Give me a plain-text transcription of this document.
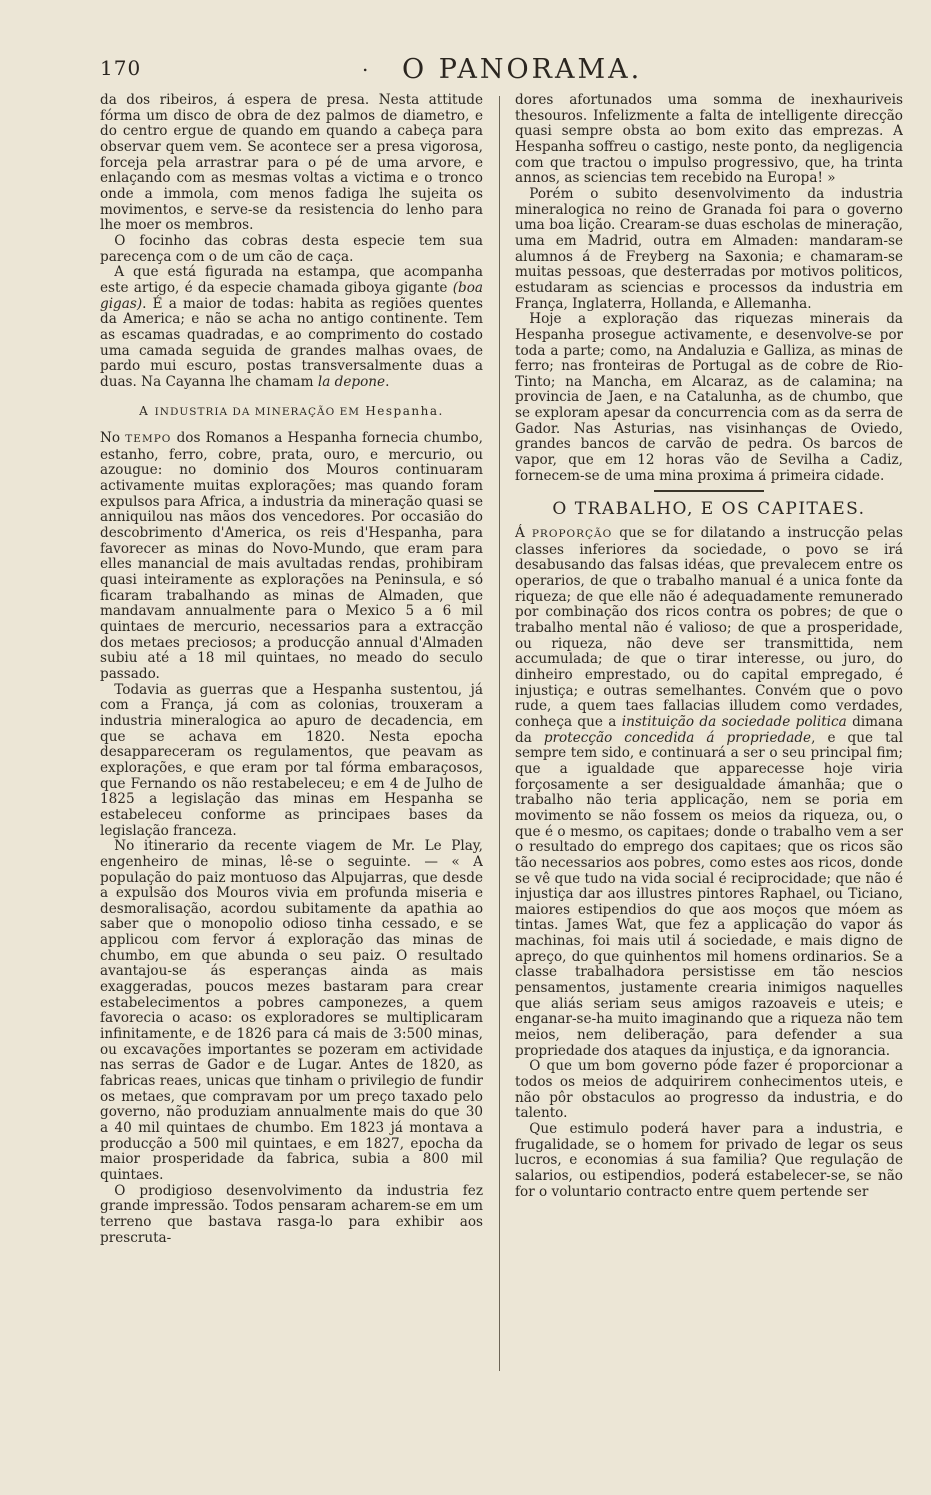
170	. O PANORAMA.

da dos ribeiros, á espera de presa. Nesta attitude fórma um disco de obra de dez palmos de diametro, e do centro ergue de quando em quando a cabeça para observar quem vem. Se acontece ser a presa vigorosa, forceja pela arrastrar para o pé de uma arvore, e enlaçando com as mesmas voltas a victima e o tronco onde a immola, com menos fadiga lhe sujeita os movimentos, e serve-se da resistencia do lenho para lhe moer os membros.

O focinho das cobras desta especie tem sua parecença com o de um cão de caça.

A que está figurada na estampa, que acompanha este artigo, é da especie chamada giboya gigante (boa gigas). É a maior de todas: habita as regiões quentes da America; e não se acha no antigo continente. Tem as escamas quadradas, e ao comprimento do costado uma camada seguida de grandes malhas ovaes, de pardo mui escuro, postas transversalmente duas a duas. Na Cayanna lhe chamam la depone.

A INDUSTRIA DA MINERAÇÃO EM Hespanha.

No TEMPO dos Romanos a Hespanha fornecia chumbo, estanho, ferro, cobre, prata, ouro, e mercurio, ou azougue: no dominio dos Mouros continuaram activamente muitas explorações; mas quando foram expulsos para Africa, a industria da mineração quasi se anniquilou nas mãos dos vencedores. Por occasião do descobrimento d'America, os reis d'Hespanha, para favorecer as minas do Novo-Mundo, que eram para elles manancial de mais avultadas rendas, prohibiram quasi inteiramente as explorações na Peninsula, e só ficaram trabalhando as minas de Almaden, que mandavam annualmente para o Mexico 5 a 6 mil quintaes de mercurio, necessarios para a extracção dos metaes preciosos; a producção annual d'Almaden subiu até a 18 mil quintaes, no meado do seculo passado.

Todavia as guerras que a Hespanha sustentou, já com a França, já com as colonias, trouxeram a industria mineralogica ao apuro de decadencia, em que se achava em 1820. Nesta epocha desappareceram os regulamentos, que peavam as explorações, e que eram por tal fórma embaraçosos, que Fernando os não restabeleceu; e em 4 de Julho de 1825 a legislação das minas em Hespanha se estabeleceu conforme as principaes bases da legislação franceza.

No itinerario da recente viagem de Mr. Le Play, engenheiro de minas, lê-se o seguinte. — « A população do paiz montuoso das Alpujarras, que desde a expulsão dos Mouros vivia em profunda miseria e desmoralisação, acordou subitamente da apathia ao saber que o monopolio odioso tinha cessado, e se applicou com fervor á exploração das minas de chumbo, em que abunda o seu paiz. O resultado avantajou-se ás esperanças ainda as mais exaggeradas, poucos mezes bastaram para crear estabelecimentos a pobres camponezes, a quem favorecia o acaso: os exploradores se multiplicaram infinitamente, e de 1826 para cá mais de 3:500 minas, ou excavações importantes se pozeram em actividade nas serras de Gador e de Lugar. Antes de 1820, as fabricas reaes, unicas que tinham o privilegio de fundir os metaes, que compravam por um preço taxado pelo governo, não produziam annualmente mais do que 30 a 40 mil quintaes de chumbo. Em 1823 já montava a producção a 500 mil quintaes, e em 1827, epocha da maior prosperidade da fabrica, subia a 800 mil quintaes.

O prodigioso desenvolvimento da industria fez grande impressão. Todos pensaram acharem-se em um terreno que bastava rasga-lo para exhibir aos prescruta-

dores afortunados uma somma de inexhauriveis thesouros. Infelizmente a falta de intelligente direcção quasi sempre obsta ao bom exito das emprezas. A Hespanha soffreu o castigo, neste ponto, da negligencia com que tractou o impulso progressivo, que, ha trinta annos, as sciencias tem recebido na Europa! »

Porém o subito desenvolvimento da industria mineralogica no reino de Granada foi para o governo uma boa lição. Crearam-se duas escholas de mineração, uma em Madrid, outra em Almaden: mandaram-se alumnos á de Freyberg na Saxonia; e chamaram-se muitas pessoas, que desterradas por motivos politicos, estudaram as sciencias e processos da industria em França, Inglaterra, Hollanda, e Allemanha.

Hoje a exploração das riquezas minerais da Hespanha prosegue activamente, e desenvolve-se por toda a parte; como, na Andaluzia e Galliza, as minas de ferro; nas fronteiras de Portugal as de cobre de Rio-Tinto; na Mancha, em Alcaraz, as de calamina; na provincia de Jaen, e na Catalunha, as de chumbo, que se exploram apesar da concurrencia com as da serra de Gador. Nas Asturias, nas visinhanças de Oviedo, grandes bancos de carvão de pedra. Os barcos de vapor, que em 12 horas vão de Sevilha a Cadiz, fornecem-se de uma mina proxima á primeira cidade.

O TRABALHO, E OS CAPITAES.

Á PROPORÇÃO que se for dilatando a instrucção pelas classes inferiores da sociedade, o povo se irá desabusando das falsas idéas, que prevalecem entre os operarios, de que o trabalho manual é a unica fonte da riqueza; de que elle não é adequadamente remunerado por combinação dos ricos contra os pobres; de que o trabalho mental não é valioso; de que a prosperidade, ou riqueza, não deve ser transmittida, nem accumulada; de que o tirar interesse, ou juro, do dinheiro emprestado, ou do capital empregado, é injustiça; e outras semelhantes. Convém que o povo rude, a quem taes fallacias illudem como verdades, conheça que a instituição da sociedade politica dimana da protecção concedida á propriedade, e que tal sempre tem sido, e continuará a ser o seu principal fim; que a igualdade que apparecesse hoje viria forçosamente a ser desigualdade ámanhãa; que o trabalho não teria applicação, nem se poria em movimento se não fossem os meios da riqueza, ou, o que é o mesmo, os capitaes; donde o trabalho vem a ser o resultado do emprego dos capitaes; que os ricos são tão necessarios aos pobres, como estes aos ricos, donde se vê que tudo na vida social é reciprocidade; que não é injustiça dar aos illustres pintores Raphael, ou Ticiano, maiores estipendios do que aos moços que móem as tintas. James Wat, que fez a applicação do vapor ás machinas, foi mais util á sociedade, e mais digno de apreço, do que quinhentos mil homens ordinarios. Se a classe trabalhadora persistisse em tão nescios pensamentos, justamente crearia inimigos naquelles que aliás seriam seus amigos razoaveis e uteis; e enganar-se-ha muito imaginando que a riqueza não tem meios, nem deliberação, para defender a sua propriedade dos ataques da injustiça, e da ignorancia.

O que um bom governo póde fazer é proporcionar a todos os meios de adquirirem conhecimentos uteis, e não pôr obstaculos ao progresso da industria, e do talento.

Que estimulo poderá haver para a industria, e frugalidade, se o homem for privado de legar os seus lucros, e economias á sua familia? Que regulação de salarios, ou estipendios, poderá estabelecer-se, se não for o voluntario contracto entre quem pertende ser
